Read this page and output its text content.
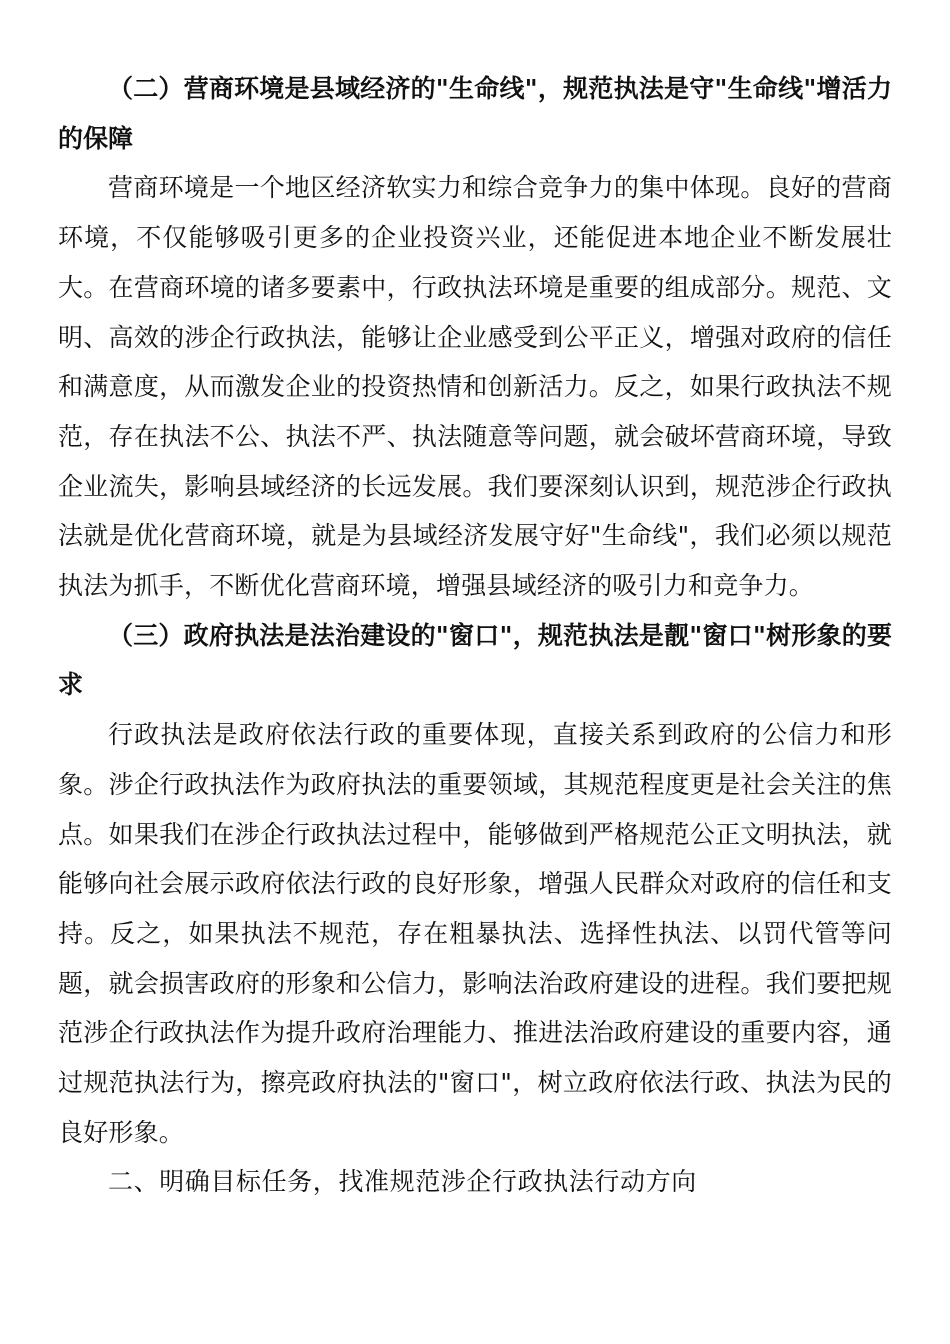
（二）营商环境是县域经济的"生命线"，规范执法是守"生命线"增活力的保障

营商环境是一个地区经济软实力和综合竞争力的集中体现。良好的营商环境，不仅能够吸引更多的企业投资兴业，还能促进本地企业不断发展壮大。在营商环境的诸多要素中，行政执法环境是重要的组成部分。规范、文明、高效的涉企行政执法，能够让企业感受到公平正义，增强对政府的信任和满意度，从而激发企业的投资热情和创新活力。反之，如果行政执法不规范，存在执法不公、执法不严、执法随意等问题，就会破坏营商环境，导致企业流失，影响县域经济的长远发展。我们要深刻认识到，规范涉企行政执法就是优化营商环境，就是为县域经济发展守好"生命线"，我们必须以规范执法为抓手，不断优化营商环境，增强县域经济的吸引力和竞争力。

（三）政府执法是法治建设的"窗口"，规范执法是靓"窗口"树形象的要求

行政执法是政府依法行政的重要体现，直接关系到政府的公信力和形象。涉企行政执法作为政府执法的重要领域，其规范程度更是社会关注的焦点。如果我们在涉企行政执法过程中，能够做到严格规范公正文明执法，就能够向社会展示政府依法行政的良好形象，增强人民群众对政府的信任和支持。反之，如果执法不规范，存在粗暴执法、选择性执法、以罚代管等问题，就会损害政府的形象和公信力，影响法治政府建设的进程。我们要把规范涉企行政执法作为提升政府治理能力、推进法治政府建设的重要内容，通过规范执法行为，擦亮政府执法的"窗口"，树立政府依法行政、执法为民的良好形象。

二、明确目标任务，找准规范涉企行政执法行动方向
